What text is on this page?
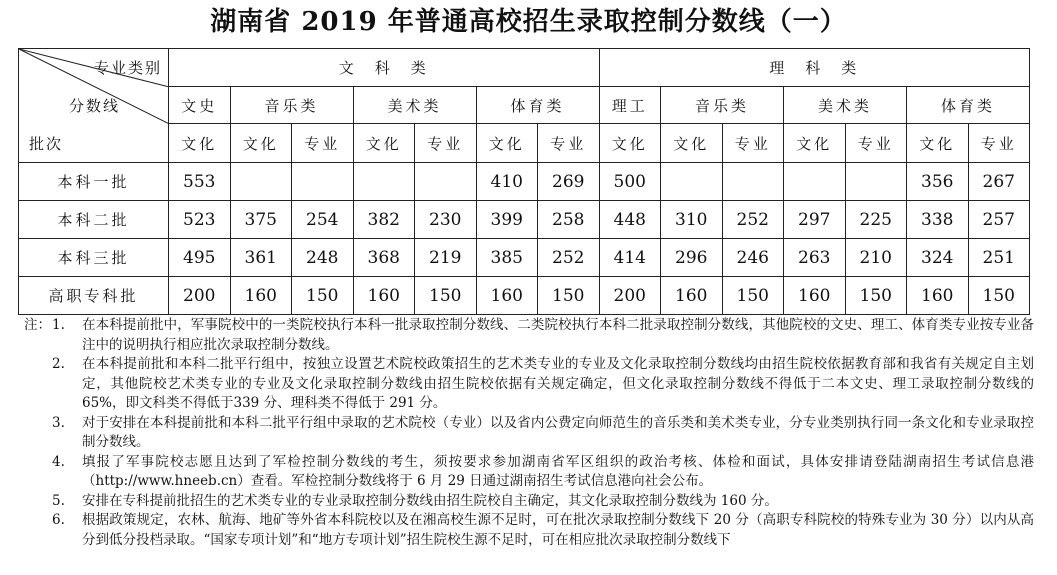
湖南省 2019 年普通高校招生录取控制分数线（一）
专业类别
分数线
批次	文　科　类							理　科　类						
	文史	音乐类		美术类		体育类		理工	音乐类		美术类		体育类	
	文化	文化	专业	文化	专业	文化	专业	文化	文化	专业	文化	专业	文化	专业
本科一批	553					410	269	500					356	267
本科二批	523	375	254	382	230	399	258	448	310	252	297	225	338	257
本科三批	495	361	248	368	219	385	252	414	296	246	263	210	324	251
高职专科批	200	160	150	160	150	160	150	200	160	150	160	150	160	150
注： 1.	在本科提前批中，军事院校中的一类院校执行本科一批录取控制分数线、二类院校执行本科二批录取控制分数线，其他院校的文史、理工、体育类专业按专业备注中的说明执行相应批次录取控制分数线。
2.	在本科提前批和本科二批平行组中，按独立设置艺术院校政策招生的艺术类专业的专业及文化录取控制分数线均由招生院校依据教育部和我省有关规定自主划定，其他院校艺术类专业的专业及文化录取控制分数线由招生院校依据有关规定确定，但文化录取控制分数线不得低于二本文史、理工录取控制分数线的 65%，即文科类不得低于339 分、理科类不得低于 291 分。
3.	对于安排在本科提前批和本科二批平行组中录取的艺术院校（专业）以及省内公费定向师范生的音乐类和美术类专业，分专业类别执行同一条文化和专业录取控制分数线。
4.	填报了军事院校志愿且达到了军检控制分数线的考生，须按要求参加湖南省军区组织的政治考核、体检和面试，具体安排请登陆湖南招生考试信息港（http://www.hneeb.cn）查看。军检控制分数线将于 6 月 29 日通过湖南招生考试信息港向社会公布。
5.	安排在专科提前批招生的艺术类专业的专业录取控制分数线由招生院校自主确定，其文化录取控制分数线为 160 分。
6.	根据政策规定，农林、航海、地矿等外省本科院校以及在湘高校生源不足时，可在批次录取控制分数线下 20 分（高职专科院校的特殊专业为 30 分）以内从高分到低分投档录取。“国家专项计划”和“地方专项计划”招生院校生源不足时，可在相应批次录取控制分数线下
